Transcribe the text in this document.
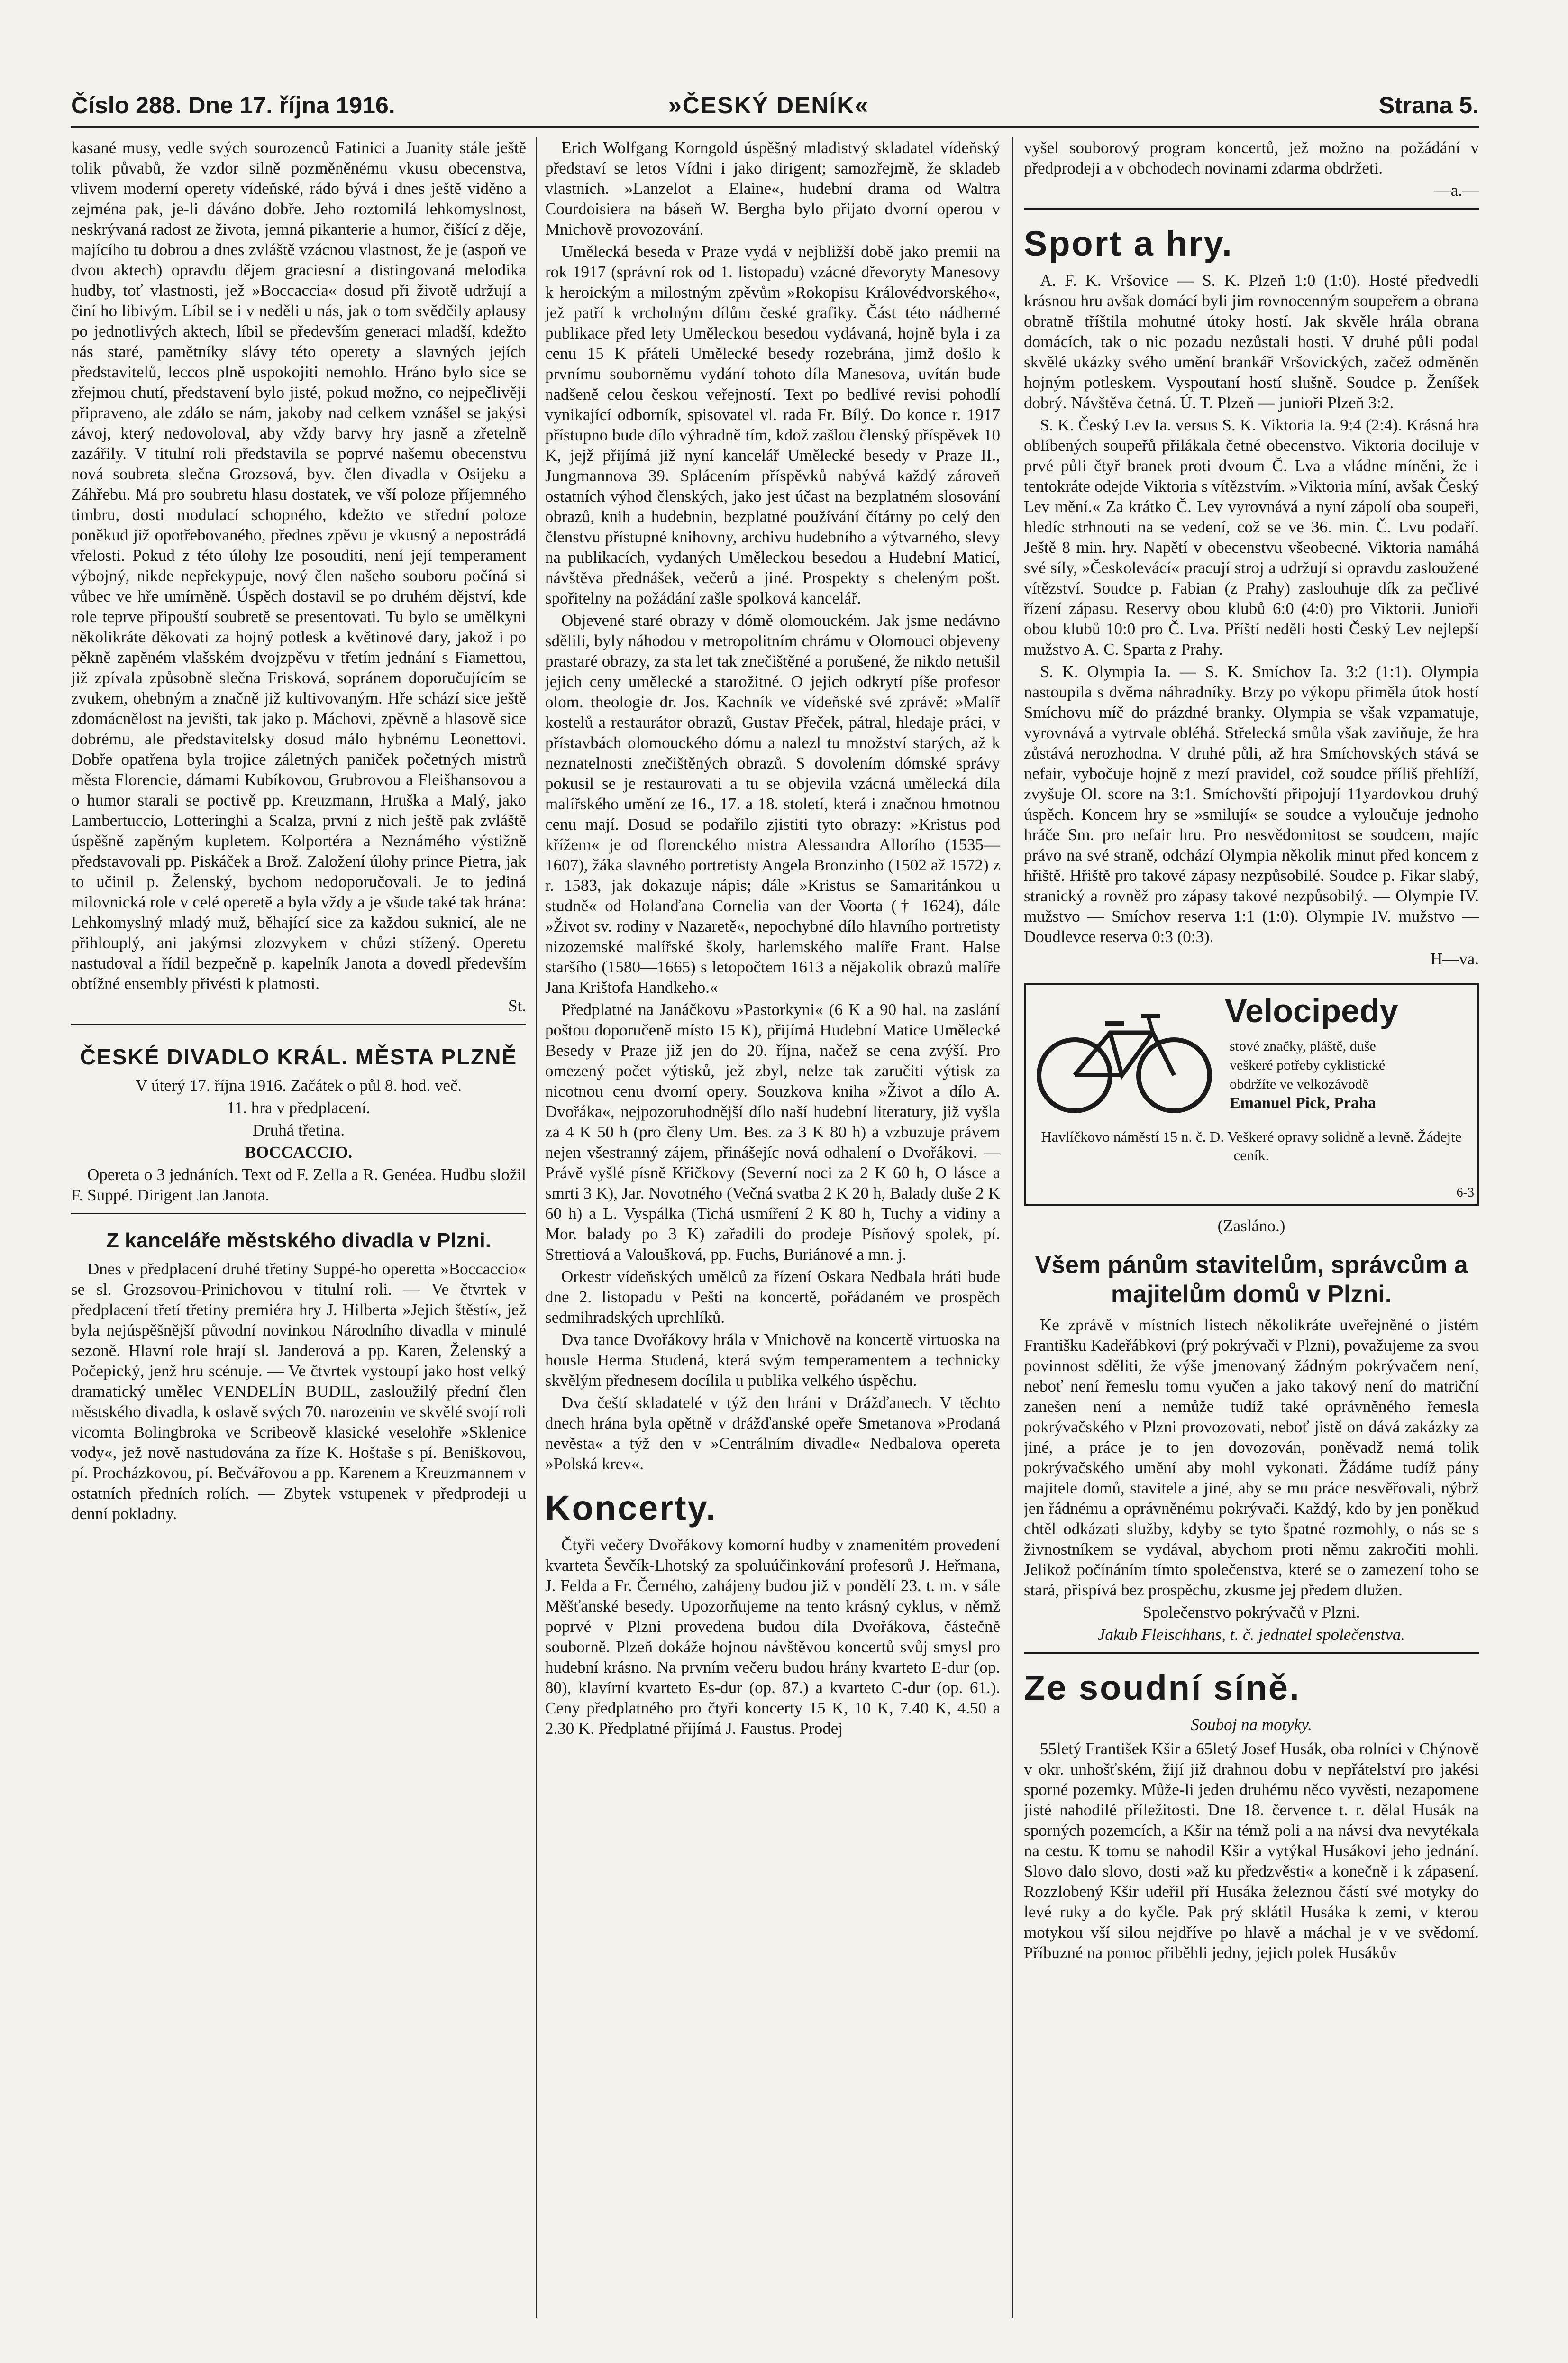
Číslo 288. Dne 17. října 1916.	»ČESKÝ DENÍK«	Strana 5.

kasané musy, vedle svých sourozenců Fatinici a Juanity stále ještě tolik půvabů, že vzdor silně pozměněnému vkusu obecenstva, vlivem moderní operety vídeňské, rádo bývá i dnes ještě viděno a zejména pak, je-li dáváno dobře. Jeho roztomilá lehkomyslnost, neskrývaná radost ze života, jemná pikanterie a humor, čišící z děje, majícího tu dobrou a dnes zvláště vzácnou vlastnost, že je (aspoň ve dvou aktech) opravdu dějem graciesní a distingovaná melodika hudby, toť vlastnosti, jež »Boccaccia« dosud při životě udržují a činí ho libivým. Líbil se i v neděli u nás, jak o tom svědčily aplausy po jednotlivých aktech, líbil se především generaci mladší, kdežto nás staré, pamětníky slávy této operety a slavných jejích představitelů, leccos plně uspokojiti nemohlo. Hráno bylo sice se zřejmou chutí, představení bylo jisté, pokud možno, co nejpečlivěji připraveno, ale zdálo se nám, jakoby nad celkem vznášel se jakýsi závoj, který nedovoloval, aby vždy barvy hry jasně a zřetelně zazářily. V titulní roli představila se poprvé našemu obecenstvu nová soubreta slečna Grozsová, byv. člen divadla v Osijeku a Záhřebu. Má pro soubretu hlasu dostatek, ve vší poloze příjemného timbru, dosti modulací schopného, kdežto ve střední poloze poněkud již opotřebovaného, přednes zpěvu je vkusný a nepostrádá vřelosti. Pokud z této úlohy lze posouditi, není její temperament výbojný, nikde nepřekypuje, nový člen našeho souboru počíná si vůbec ve hře umírněně. Úspěch dostavil se po druhém dějství, kde role teprve připouští soubretě se presentovati. Tu bylo se umělkyni několikráte děkovati za hojný potlesk a květinové dary, jakož i po pěkně zapěném vlašském dvojzpěvu v třetím jednání s Fiamettou, již zpívala způsobně slečna Frisková, sopránem doporučujícím se zvukem, ohebným a značně již kultivovaným. Hře schází sice ještě zdomácnělost na jevišti, tak jako p. Máchovi, zpěvně a hlasově sice dobrému, ale představitelsky dosud málo hybnému Leonettovi. Dobře opatřena byla trojice záletných paniček početných mistrů města Florencie, dámami Kubíkovou, Grubrovou a Fleišhansovou a o humor starali se poctivě pp. Kreuzmann, Hruška a Malý, jako Lambertuccio, Lotteringhi a Scalza, první z nich ještě pak zvláště úspěšně zapěným kupletem. Kolportéra a Neznámého výstižně představovali pp. Piskáček a Brož. Založení úlohy prince Pietra, jak to učinil p. Želenský, bychom nedoporučovali. Je to jediná milovnická role v celé operetě a byla vždy a je všude také tak hrána: Lehkomyslný mladý muž, běhající sice za každou suknicí, ale ne přihlouplý, ani jakýmsi zlozvykem v chůzi stížený. Operetu nastudoval a řídil bezpečně p. kapelník Janota a dovedl především obtížné ensembly přivésti k platnosti.

St.

ČESKÉ DIVADLO KRÁL. MĚSTA PLZNĚ

V úterý 17. října 1916. Začátek o půl 8. hod. več.

11. hra v předplacení.

Druhá třetina.

BOCCACCIO.

Opereta o 3 jednáních. Text od F. Zella a R. Genéea. Hudbu složil F. Suppé. Dirigent Jan Janota.

Z kanceláře městského divadla v Plzni.

Dnes v předplacení druhé třetiny Suppé-ho operetta »Boccaccio« se sl. Grozsovou-Prinichovou v titulní roli. — Ve čtvrtek v předplacení třetí třetiny premiéra hry J. Hilberta »Jejich štěstí«, jež byla nejúspěšnější původní novinkou Národního divadla v minulé sezoně. Hlavní role hrají sl. Janderová a pp. Karen, Želenský a Počepický, jenž hru scénuje. — Ve čtvrtek vystoupí jako host velký dramatický umělec VENDELÍN BUDIL, zasloužilý přední člen městského divadla, k oslavě svých 70. narozenin ve skvělé svojí roli vicomta Bolingbroka ve Scribeově klasické veselohře »Sklenice vody«, jež nově nastudována za říze K. Hoštaše s pí. Beniškovou, pí. Procházkovou, pí. Bečvářovou a pp. Karenem a Kreuzmannem v ostatních předních rolích. — Zbytek vstupenek v předprodeji u denní pokladny.

Erich Wolfgang Korngold úspěšný mladistvý skladatel vídeňský představí se letos Vídni i jako dirigent; samozřejmě, že skladeb vlastních. »Lanzelot a Elaine«, hudební drama od Waltra Courdoisiera na báseň W. Bergha bylo přijato dvorní operou v Mnichově provozování.

Umělecká beseda v Praze vydá v nejbližší době jako premii na rok 1917 (správní rok od 1. listopadu) vzácné dřevoryty Manesovy k heroickým a milostným zpěvům »Rokopisu Královédvorského«, jež patří k vrcholným dílům české grafiky. Část této nádherné publikace před lety Uměleckou besedou vydávaná, hojně byla i za cenu 15 K přáteli Umělecké besedy rozebrána, jimž došlo k prvnímu souborněmu vydání tohoto díla Manesova, uvítán bude nadšeně celou českou veřejností. Text po bedlivé revisi pohodlí vynikající odborník, spisovatel vl. rada Fr. Bílý. Do konce r. 1917 přístupno bude dílo výhradně tím, kdož zašlou členský příspěvek 10 K, jejž přijímá již nyní kancelář Umělecké besedy v Praze II., Jungmannova 39. Splácením příspěvků nabývá každý zároveň ostatních výhod členských, jako jest účast na bezplatném slosování obrazů, knih a hudebnin, bezplatné používání čítárny po celý den členstvu přístupné knihovny, archivu hudebního a výtvarného, slevy na publikacích, vydaných Uměleckou besedou a Hudební Maticí, návštěva přednášek, večerů a jiné. Prospekty s cheleným pošt. spořitelny na požádání zašle spolková kancelář.

Objevené staré obrazy v dómě olomouckém. Jak jsme nedávno sdělili, byly náhodou v metropolitním chrámu v Olomouci objeveny prastaré obrazy, za sta let tak znečištěné a porušené, že nikdo netušil jejich ceny umělecké a starožitné. O jejich odkrytí píše profesor olom. theologie dr. Jos. Kachník ve vídeňské své zprávě: »Malíř kostelů a restaurátor obrazů, Gustav Přeček, pátral, hledaje práci, v přístavbách olomouckého dómu a nalezl tu množství starých, až k neznatelnosti znečištěných obrazů. S dovolením dómské správy pokusil se je restaurovati a tu se objevila vzácná umělecká díla malířského umění ze 16., 17. a 18. století, která i značnou hmotnou cenu mají. Dosud se podařilo zjistiti tyto obrazy: »Kristus pod křížem« je od florenckého mistra Alessandra Allorího (1535—1607), žáka slavného portretisty Angela Bronzinho (1502 až 1572) z r. 1583, jak dokazuje nápis; dále »Kristus se Samaritánkou u studně« od Holanďana Cornelia van der Voorta († 1624), dále »Život sv. rodiny v Nazaretě«, nepochybné dílo hlavního portretisty nizozemské malířské školy, harlemského malíře Frant. Halse staršího (1580—1665) s letopočtem 1613 a nějakolik obrazů malíře Jana Krištofa Handkeho.«

Předplatné na Janáčkovu »Pastorkyni« (6 K a 90 hal. na zaslání poštou doporučeně místo 15 K), přijímá Hudební Matice Umělecké Besedy v Praze již jen do 20. října, načež se cena zvýší. Pro omezený počet výtisků, jež zbyl, nelze tak zaručiti výtisk za nicotnou cenu dvorní opery. Souzkova kniha »Život a dílo A. Dvořáka«, nejpozoruhodnější dílo naší hudební literatury, již vyšla za 4 K 50 h (pro členy Um. Bes. za 3 K 80 h) a vzbuzuje právem nejen všestranný zájem, přinášejíc nová odhalení o Dvořákovi. — Právě vyšlé písně Křičkovy (Severní noci za 2 K 60 h, O lásce a smrti 3 K), Jar. Novotného (Večná svatba 2 K 20 h, Balady duše 2 K 60 h) a L. Vyspálka (Tichá usmíření 2 K 80 h, Tuchy a vidiny a Mor. balady po 3 K) zařadili do prodeje Písňový spolek, pí. Strettiová a Valoušková, pp. Fuchs, Buriánové a mn. j.

Orkestr vídeňských umělců za řízení Oskara Nedbala hráti bude dne 2. listopadu v Pešti na koncertě, pořádaném ve prospěch sedmihradských uprchlíků.

Dva tance Dvořákovy hrála v Mnichově na koncertě virtuoska na housle Herma Studená, která svým temperamentem a technicky skvělým přednesem docílila u publika velkého úspěchu.

Dva čeští skladatelé v týž den hráni v Drážďanech. V těchto dnech hrána byla opětně v drážďanské opeře Smetanova »Prodaná nevěsta« a týž den v »Centrálním divadle« Nedbalova opereta »Polská krev«.

Koncerty.

Čtyři večery Dvořákovy komorní hudby v znamenitém provedení kvarteta Ševčík-Lhotský za spoluúčinkování profesorů J. Heřmana, J. Felda a Fr. Černého, zahájeny budou již v pondělí 23. t. m. v sále Měšťanské besedy. Upozorňujeme na tento krásný cyklus, v němž poprvé v Plzni provedena budou díla Dvořákova, částečně souborně. Plzeň dokáže hojnou návštěvou koncertů svůj smysl pro hudební krásno. Na prvním večeru budou hrány kvarteto E-dur (op. 80), klavírní kvarteto Es-dur (op. 87.) a kvarteto C-dur (op. 61.). Ceny předplatného pro čtyři koncerty 15 K, 10 K, 7.40 K, 4.50 a 2.30 K. Předplatné přijímá J. Faustus. Prodej

vyšel souborový program koncertů, jež možno na požádání v předprodeji a v obchodech novinami zdarma obdržeti.

—a.—

Sport a hry.

A. F. K. Vršovice — S. K. Plzeň 1:0 (1:0). Hosté předvedli krásnou hru avšak domácí byli jim rovnocenným soupeřem a obrana obratně tříštila mohutné útoky hostí. Jak skvěle hrála obrana domácích, tak o nic pozadu nezůstali hosti. V druhé půli podal skvělé ukázky svého umění brankář Vršovických, začež odměněn hojným potleskem. Vyspoutaní hostí slušně. Soudce p. Ženíšek dobrý. Návštěva četná. Ú. T. Plzeň — junioři Plzeň 3:2.

S. K. Český Lev Ia. versus S. K. Viktoria Ia. 9:4 (2:4). Krásná hra oblíbených soupeřů přilákala četné obecenstvo. Viktoria dociluje v prvé půli čtyř branek proti dvoum Č. Lva a vládne míněni, že i tentokráte odejde Viktoria s vítězstvím. »Viktoria míní, avšak Český Lev mění.« Za krátko Č. Lev vyrovnává a nyní zápolí oba soupeři, hledíc strhnouti na se vedení, což se ve 36. min. Č. Lvu podaří. Ještě 8 min. hry. Napětí v obecenstvu všeobecné. Viktoria namáhá své síly, »Českolevácí« pracují stroj a udržují si opravdu zasloužené vítězství. Soudce p. Fabian (z Prahy) zaslouhuje dík za pečlivé řízení zápasu. Reservy obou klubů 6:0 (4:0) pro Viktorii. Junioři obou klubů 10:0 pro Č. Lva. Příští neděli hosti Český Lev nejlepší mužstvo A. C. Sparta z Prahy.

S. K. Olympia Ia. — S. K. Smíchov Ia. 3:2 (1:1). Olympia nastoupila s dvěma náhradníky. Brzy po výkopu přiměla útok hostí Smíchovu míč do prázdné branky. Olympia se však vzpamatuje, vyrovnává a vytrvale obléhá. Střelecká smůla však zaviňuje, že hra zůstává nerozhodna. V druhé půli, až hra Smíchovských stává se nefair, vybočuje hojně z mezí pravidel, což soudce příliš přehlíží, zvyšuje Ol. score na 3:1. Smíchovští připojují 11yardovkou druhý úspěch. Koncem hry se »smilují« se soudce a vyloučuje jednoho hráče Sm. pro nefair hru. Pro nesvědomitost se soudcem, majíc právo na své straně, odchází Olympia několik minut před koncem z hřiště. Hřiště pro takové zápasy nezpůsobilé. Soudce p. Fikar slabý, stranický a rovněž pro zápasy takové nezpůsobilý. — Olympie IV. mužstvo — Smíchov reserva 1:1 (1:0). Olympie IV. mužstvo — Doudlevce reserva 0:3 (0:3).

H—va.

Velocipedy
stové značky, pláště, duše
veškeré potřeby cyklistické
obdržíte ve velkozávodě
Emanuel Pick, Praha
Havlíčkovo náměstí 15 n. č. D. Veškeré opravy solidně a levně. Žádejte ceník.
6-3

(Zasláno.)

Všem pánům stavitelům, správcům a majitelům domů v Plzni.

Ke zprávě v místních listech několikráte uveřejněné o jistém Františku Kadeřábkovi (prý pokrývači v Plzni), považujeme za svou povinnost sděliti, že výše jmenovaný žádným pokrývačem není, neboť není řemeslu tomu vyučen a jako takový není do matriční zanešen není a nemůže tudíž také oprávněného řemesla pokrývačského v Plzni provozovati, neboť jistě on dává zakázky za jiné, a práce je to jen dovozován, poněvadž nemá tolik pokrývačského umění aby mohl vykonati. Žádáme tudíž pány majitele domů, stavitele a jiné, aby se mu práce nesvěřovali, nýbrž jen řádnému a oprávněnému pokrývači. Každý, kdo by jen poněkud chtěl odkázati služby, kdyby se tyto špatné rozmohly, o nás se s živnostníkem se vydával, abychom proti němu zakročiti mohli. Jelikož počínáním tímto společenstva, které se o zamezení toho se stará, přispívá bez prospěchu, zkusme jej předem dlužen.

Společenstvo pokrývačů v Plzni.

Jakub Fleischhans, t. č. jednatel společenstva.

Ze soudní síně.
Souboj na motyky.

55letý František Kšir a 65letý Josef Husák, oba rolníci v Chýnově v okr. unhošťském, žijí již drahnou dobu v nepřátelství pro jakési sporné pozemky. Může-li jeden druhému něco vyvěsti, nezapomene jisté nahodilé příležitosti. Dne 18. července t. r. dělal Husák na sporných pozemcích, a Kšir na témž poli a na návsi dva nevytékala na cestu. K tomu se nahodil Kšir a vytýkal Husákovi jeho jednání. Slovo dalo slovo, dosti »až ku předzvěsti« a konečně i k zápasení. Rozzlobený Kšir udeřil pří Husáka železnou částí své motyky do levé ruky a do kyčle. Pak prý sklátil Husáka k zemi, v kterou motykou vší silou nejdříve po hlavě a máchal je v ve svědomí. Příbuzné na pomoc přiběhli jedny, jejich polek Husákův
